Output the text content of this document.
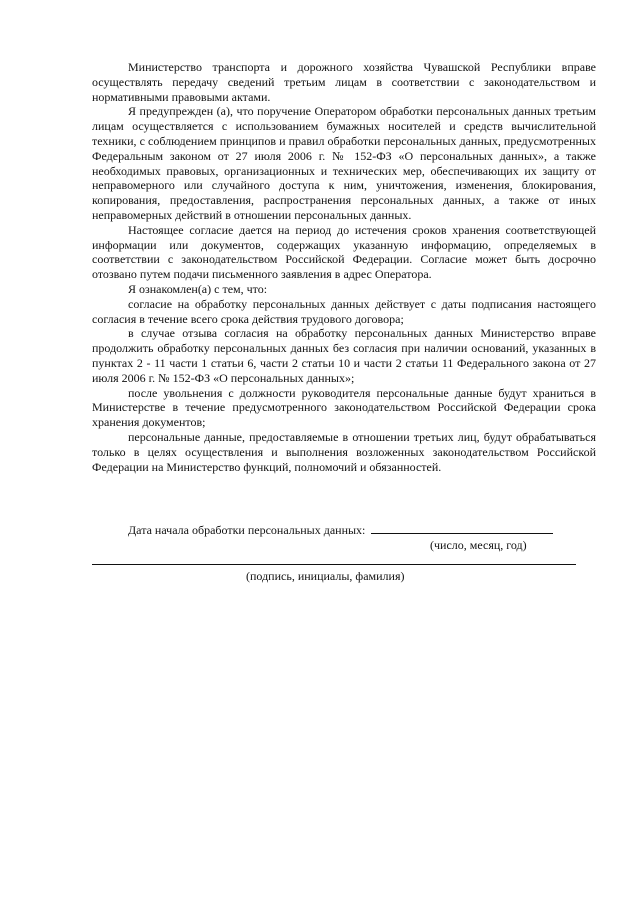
Министерство транспорта и дорожного хозяйства Чувашской Республики вправе осуществлять передачу сведений третьим лицам в соответствии с законодательством и нормативными правовыми актами.

Я предупрежден (а), что поручение Оператором обработки персональных данных третьим лицам осуществляется с использованием бумажных носителей и средств вычислительной техники, с соблюдением принципов и правил обработки персональных данных, предусмотренных Федеральным законом от 27 июля 2006 г. № 152-ФЗ «О персональных данных», а также необходимых правовых, организационных и технических мер, обеспечивающих их защиту от неправомерного или случайного доступа к ним, уничтожения, изменения, блокирования, копирования, предоставления, распространения персональных данных, а также от иных неправомерных действий в отношении персональных данных.

Настоящее согласие дается на период до истечения сроков хранения соответствующей информации или документов, содержащих указанную информацию, определяемых в соответствии с законодательством Российской Федерации. Согласие может быть досрочно отозвано путем подачи письменного заявления в адрес Оператора.

Я ознакомлен(а) с тем, что:

согласие на обработку персональных данных действует с даты подписания настоящего согласия в течение всего срока действия трудового договора;

в случае отзыва согласия на обработку персональных данных Министерство вправе продолжить обработку персональных данных без согласия при наличии оснований, указанных в пунктах 2 - 11 части 1 статьи 6, части 2 статьи 10 и части 2 статьи 11 Федерального закона от 27 июля 2006 г. № 152-ФЗ «О персональных данных»;

после увольнения с должности руководителя персональные данные будут храниться в Министерстве в течение предусмотренного законодательством Российской Федерации срока хранения документов;

персональные данные, предоставляемые в отношении третьих лиц, будут обрабатываться только в целях осуществления и выполнения возложенных законодательством Российской Федерации на Министерство функций, полномочий и обязанностей.

Дата начала обработки персональных данных:
(число, месяц, год)
(подпись, инициалы, фамилия)
